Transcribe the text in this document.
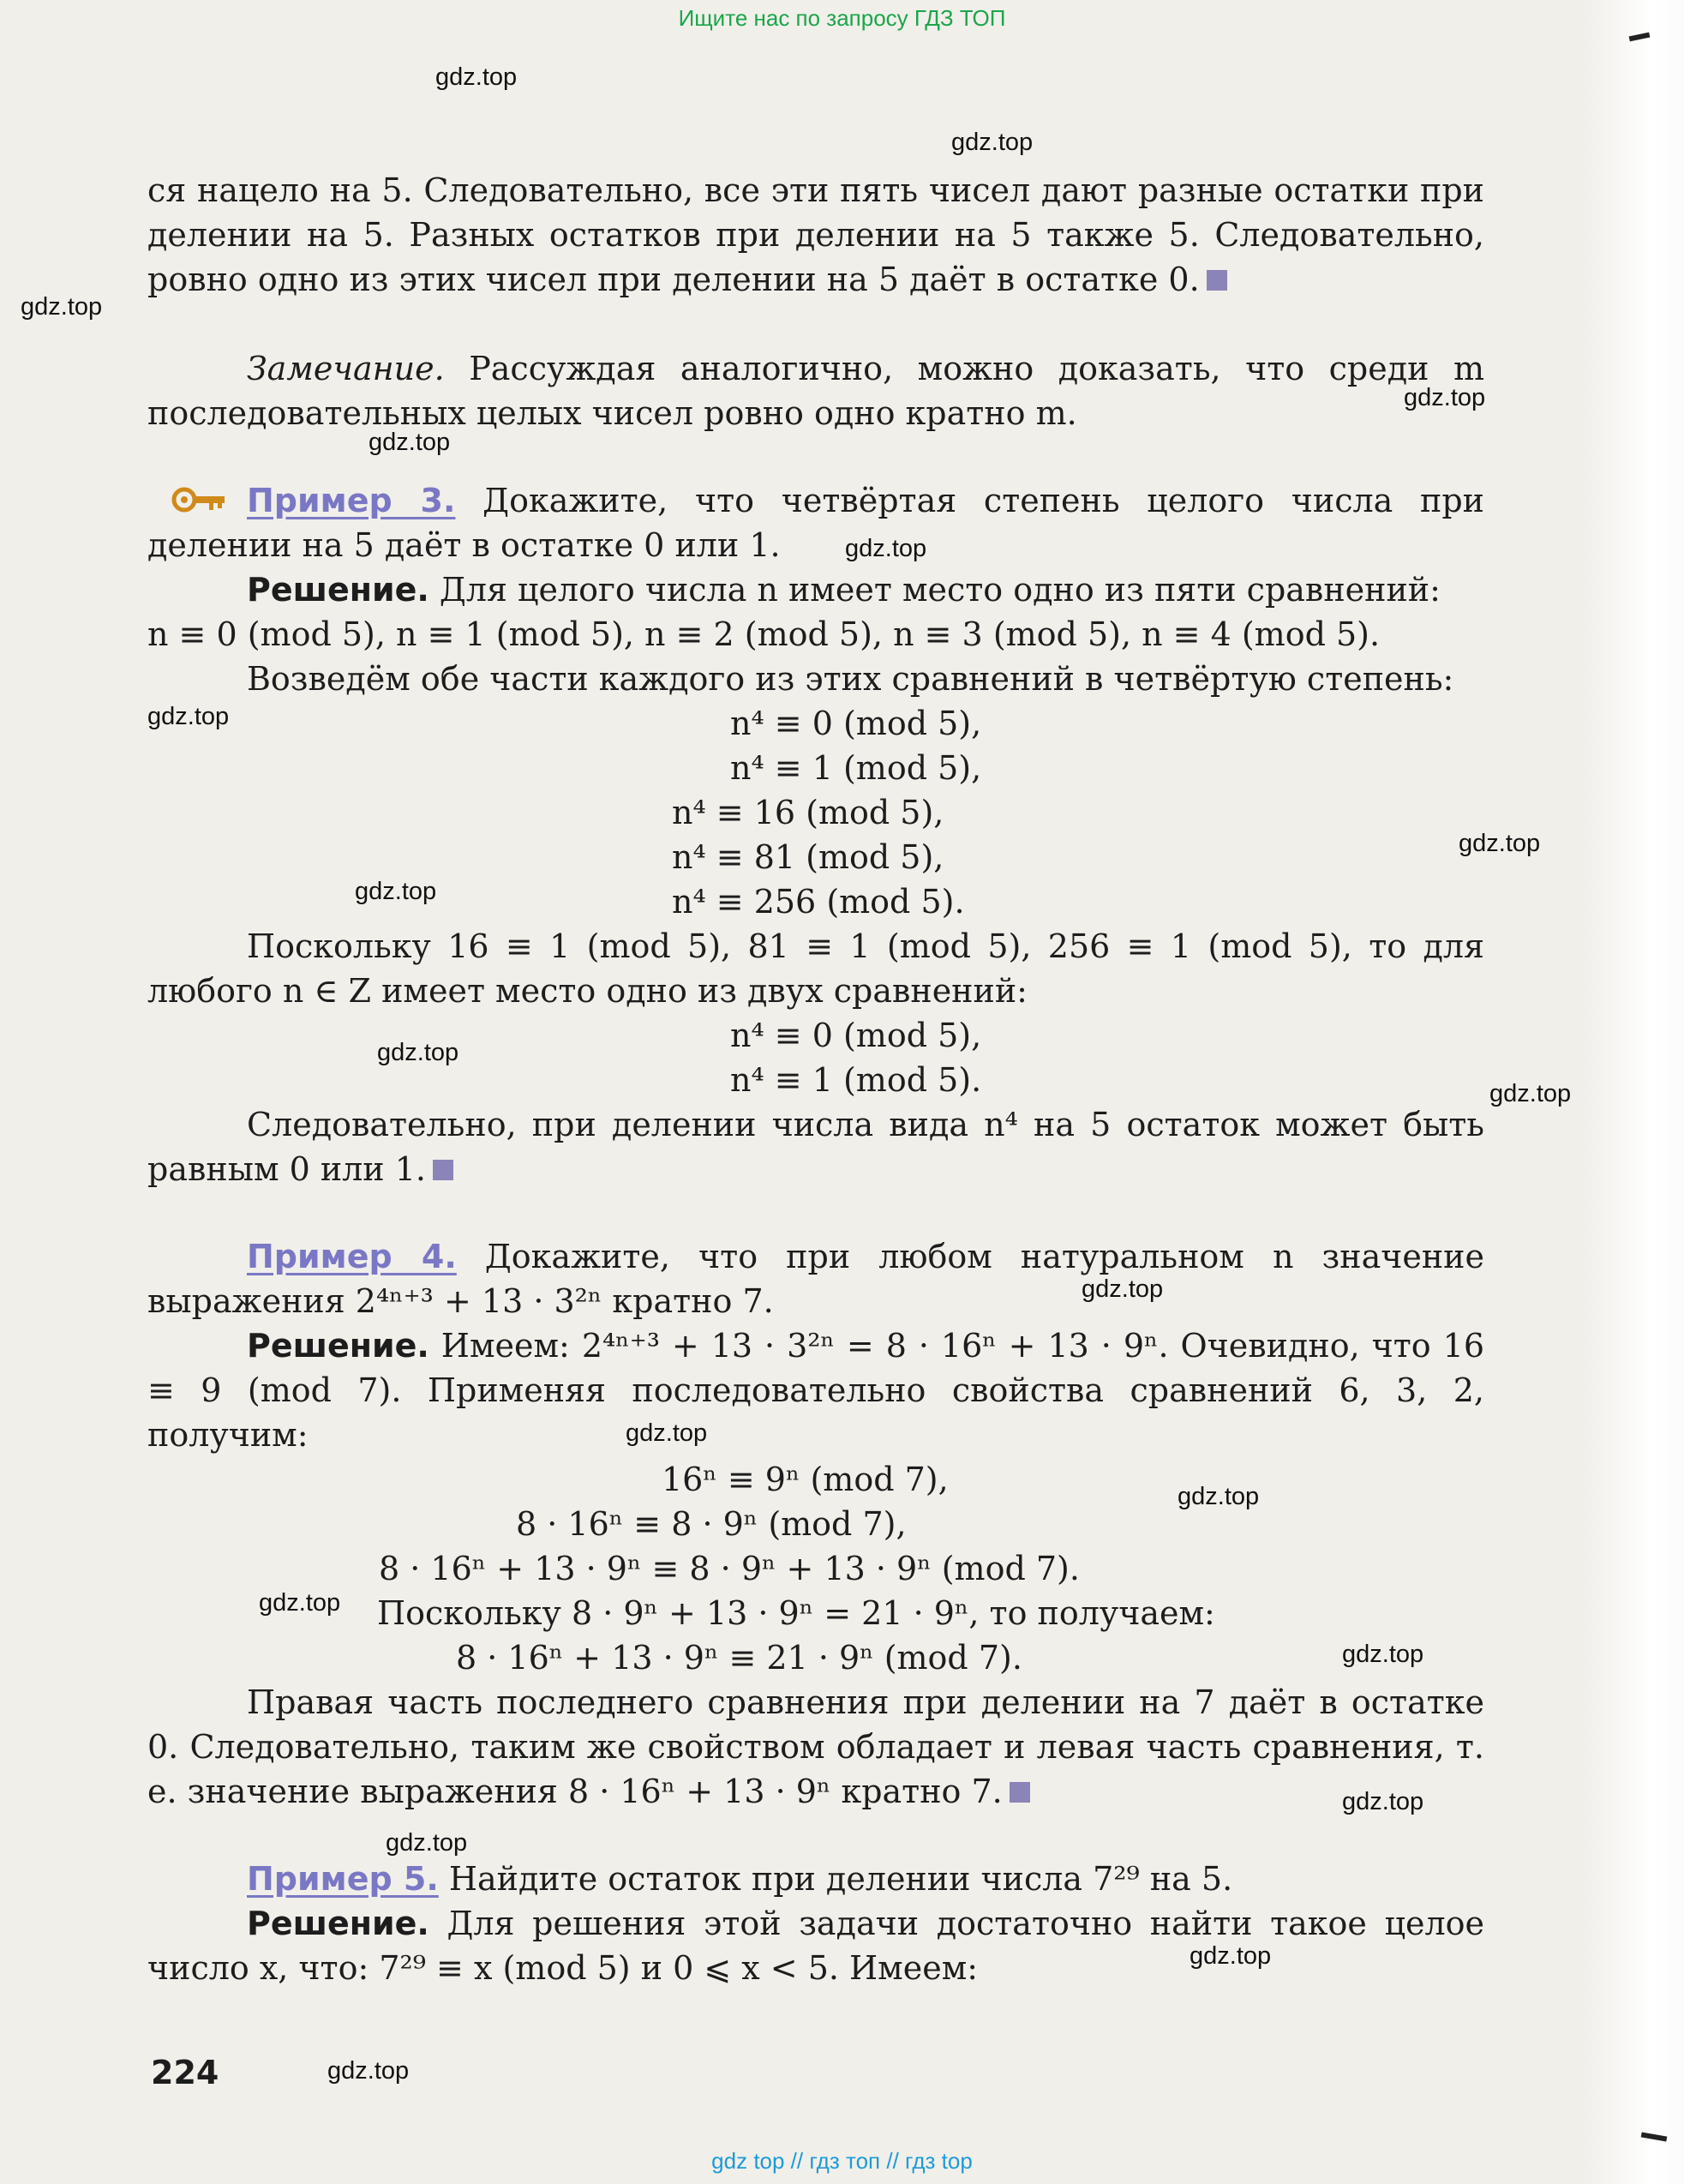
Ищите нас по запросу ГДЗ ТОП
gdz.top
gdz.top
gdz.top
gdz.top
gdz.top
gdz.top
gdz.top
gdz.top
gdz.top
gdz.top
gdz.top
gdz.top
gdz.top
gdz.top
gdz.top
gdz.top
gdz.top
gdz.top
gdz.top
gdz.top

ся нацело на 5. Следовательно, все эти пять чисел дают разные остатки при делении на 5. Разных остатков при делении на 5 также 5. Следовательно, ровно одно из этих чисел при делении на 5 даёт в остатке 0.

Замечание. Рассуждая аналогично, можно доказать, что среди m последовательных целых чисел ровно одно кратно m.

Пример 3. Докажите, что четвёртая степень целого числа при делении на 5 даёт в остатке 0 или 1.

Решение. Для целого числа n имеет место одно из пяти сравнений:

n ≡ 0 (mod 5), n ≡ 1 (mod 5), n ≡ 2 (mod 5), n ≡ 3 (mod 5), n ≡ 4 (mod 5).

Возведём обе части каждого из этих сравнений в четвёртую степень:

n⁴ ≡ 0 (mod 5),

n⁴ ≡ 1 (mod 5),

n⁴ ≡ 16 (mod 5),

n⁴ ≡ 81 (mod 5),

n⁴ ≡ 256 (mod 5).

Поскольку 16 ≡ 1 (mod 5), 81 ≡ 1 (mod 5), 256 ≡ 1 (mod 5), то для любого n ∈ Z имеет место одно из двух сравнений:

n⁴ ≡ 0 (mod 5),

n⁴ ≡ 1 (mod 5).

Следовательно, при делении числа вида n⁴ на 5 остаток может быть равным 0 или 1.

Пример 4. Докажите, что при любом натуральном n значение выражения 2⁴ⁿ⁺³ + 13 · 3²ⁿ кратно 7.

Решение. Имеем: 2⁴ⁿ⁺³ + 13 · 3²ⁿ = 8 · 16ⁿ + 13 · 9ⁿ. Очевидно, что 16 ≡ 9 (mod 7). Применяя последовательно свойства сравнений 6, 3, 2, получим:

16ⁿ ≡ 9ⁿ (mod 7),

8 · 16ⁿ ≡ 8 · 9ⁿ (mod 7),

8 · 16ⁿ + 13 · 9ⁿ ≡ 8 · 9ⁿ + 13 · 9ⁿ (mod 7).

Поскольку 8 · 9ⁿ + 13 · 9ⁿ = 21 · 9ⁿ, то получаем:

8 · 16ⁿ + 13 · 9ⁿ ≡ 21 · 9ⁿ (mod 7).

Правая часть последнего сравнения при делении на 7 даёт в остатке 0. Следовательно, таким же свойством обладает и левая часть сравнения, т. е. значение выражения 8 · 16ⁿ + 13 · 9ⁿ кратно 7.

Пример 5. Найдите остаток при делении числа 7²⁹ на 5.

Решение. Для решения этой задачи достаточно найти такое целое число x, что: 7²⁹ ≡ x (mod 5) и 0 ⩽ x < 5. Имеем:

224
gdz top // гдз топ // гдз top
